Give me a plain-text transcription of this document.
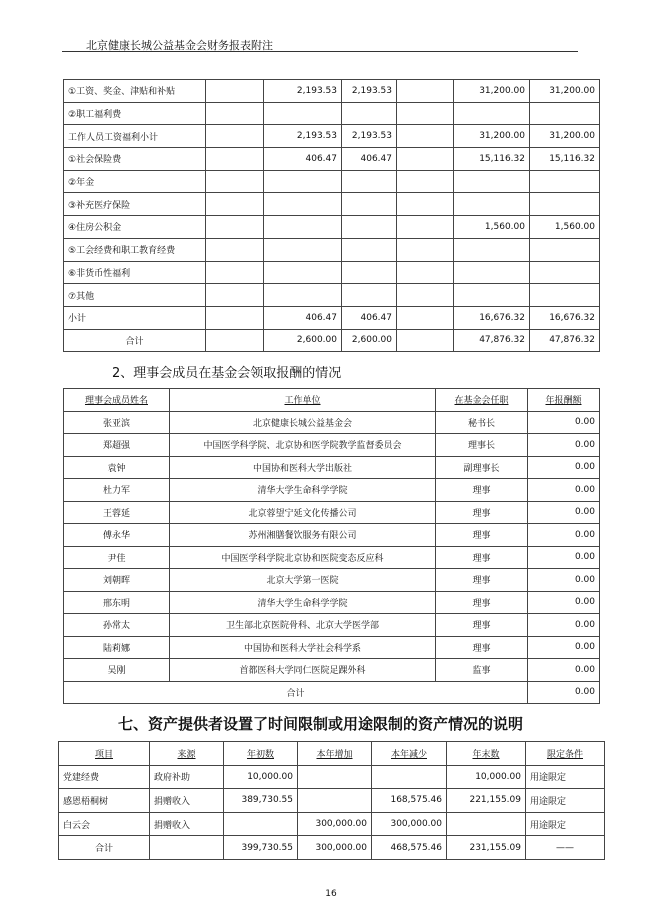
北京健康长城公益基金会财务报表附注
①工资、奖金、津贴和补贴		2,193.53	2,193.53		31,200.00	31,200.00
②职工福利费						
工作人员工资福利小计		2,193.53	2,193.53		31,200.00	31,200.00
①社会保险费		406.47	406.47		15,116.32	15,116.32
②年金						
③补充医疗保险						
④住房公积金					1,560.00	1,560.00
⑤工会经费和职工教育经费						
⑥非货币性福利						
⑦其他						
小计		406.47	406.47		16,676.32	16,676.32
合计		2,600.00	2,600.00		47,876.32	47,876.32
2、理事会成员在基金会领取报酬的情况
理事会成员姓名	工作单位	在基金会任职	年报酬额
张亚滨	北京健康长城公益基金会	秘书长	0.00
郑超强	中国医学科学院、北京协和医学院教学监督委员会	理事长	0.00
袁钟	中国协和医科大学出版社	副理事长	0.00
杜力军	清华大学生命科学学院	理事	0.00
王蓉延	北京蓉望宁延文化传播公司	理事	0.00
傅永华	苏州湘膳餐饮服务有限公司	理事	0.00
尹佳	中国医学科学院北京协和医院变态反应科	理事	0.00
刘朝晖	北京大学第一医院	理事	0.00
邢东明	清华大学生命科学学院	理事	0.00
孙常太	卫生部北京医院骨科、北京大学医学部	理事	0.00
陆莉娜	中国协和医科大学社会科学系	理事	0.00
吴刚	首都医科大学同仁医院足踝外科	监事	0.00
合计			0.00
七、资产提供者设置了时间限制或用途限制的资产情况的说明
项目	来源	年初数	本年增加	本年减少	年末数	限定条件
党建经费	政府补助	10,000.00			10,000.00	用途限定
感恩梧桐树	捐赠收入	389,730.55		168,575.46	221,155.09	用途限定
白云会	捐赠收入		300,000.00	300,000.00		用途限定
合计		399,730.55	300,000.00	468,575.46	231,155.09	——
16
